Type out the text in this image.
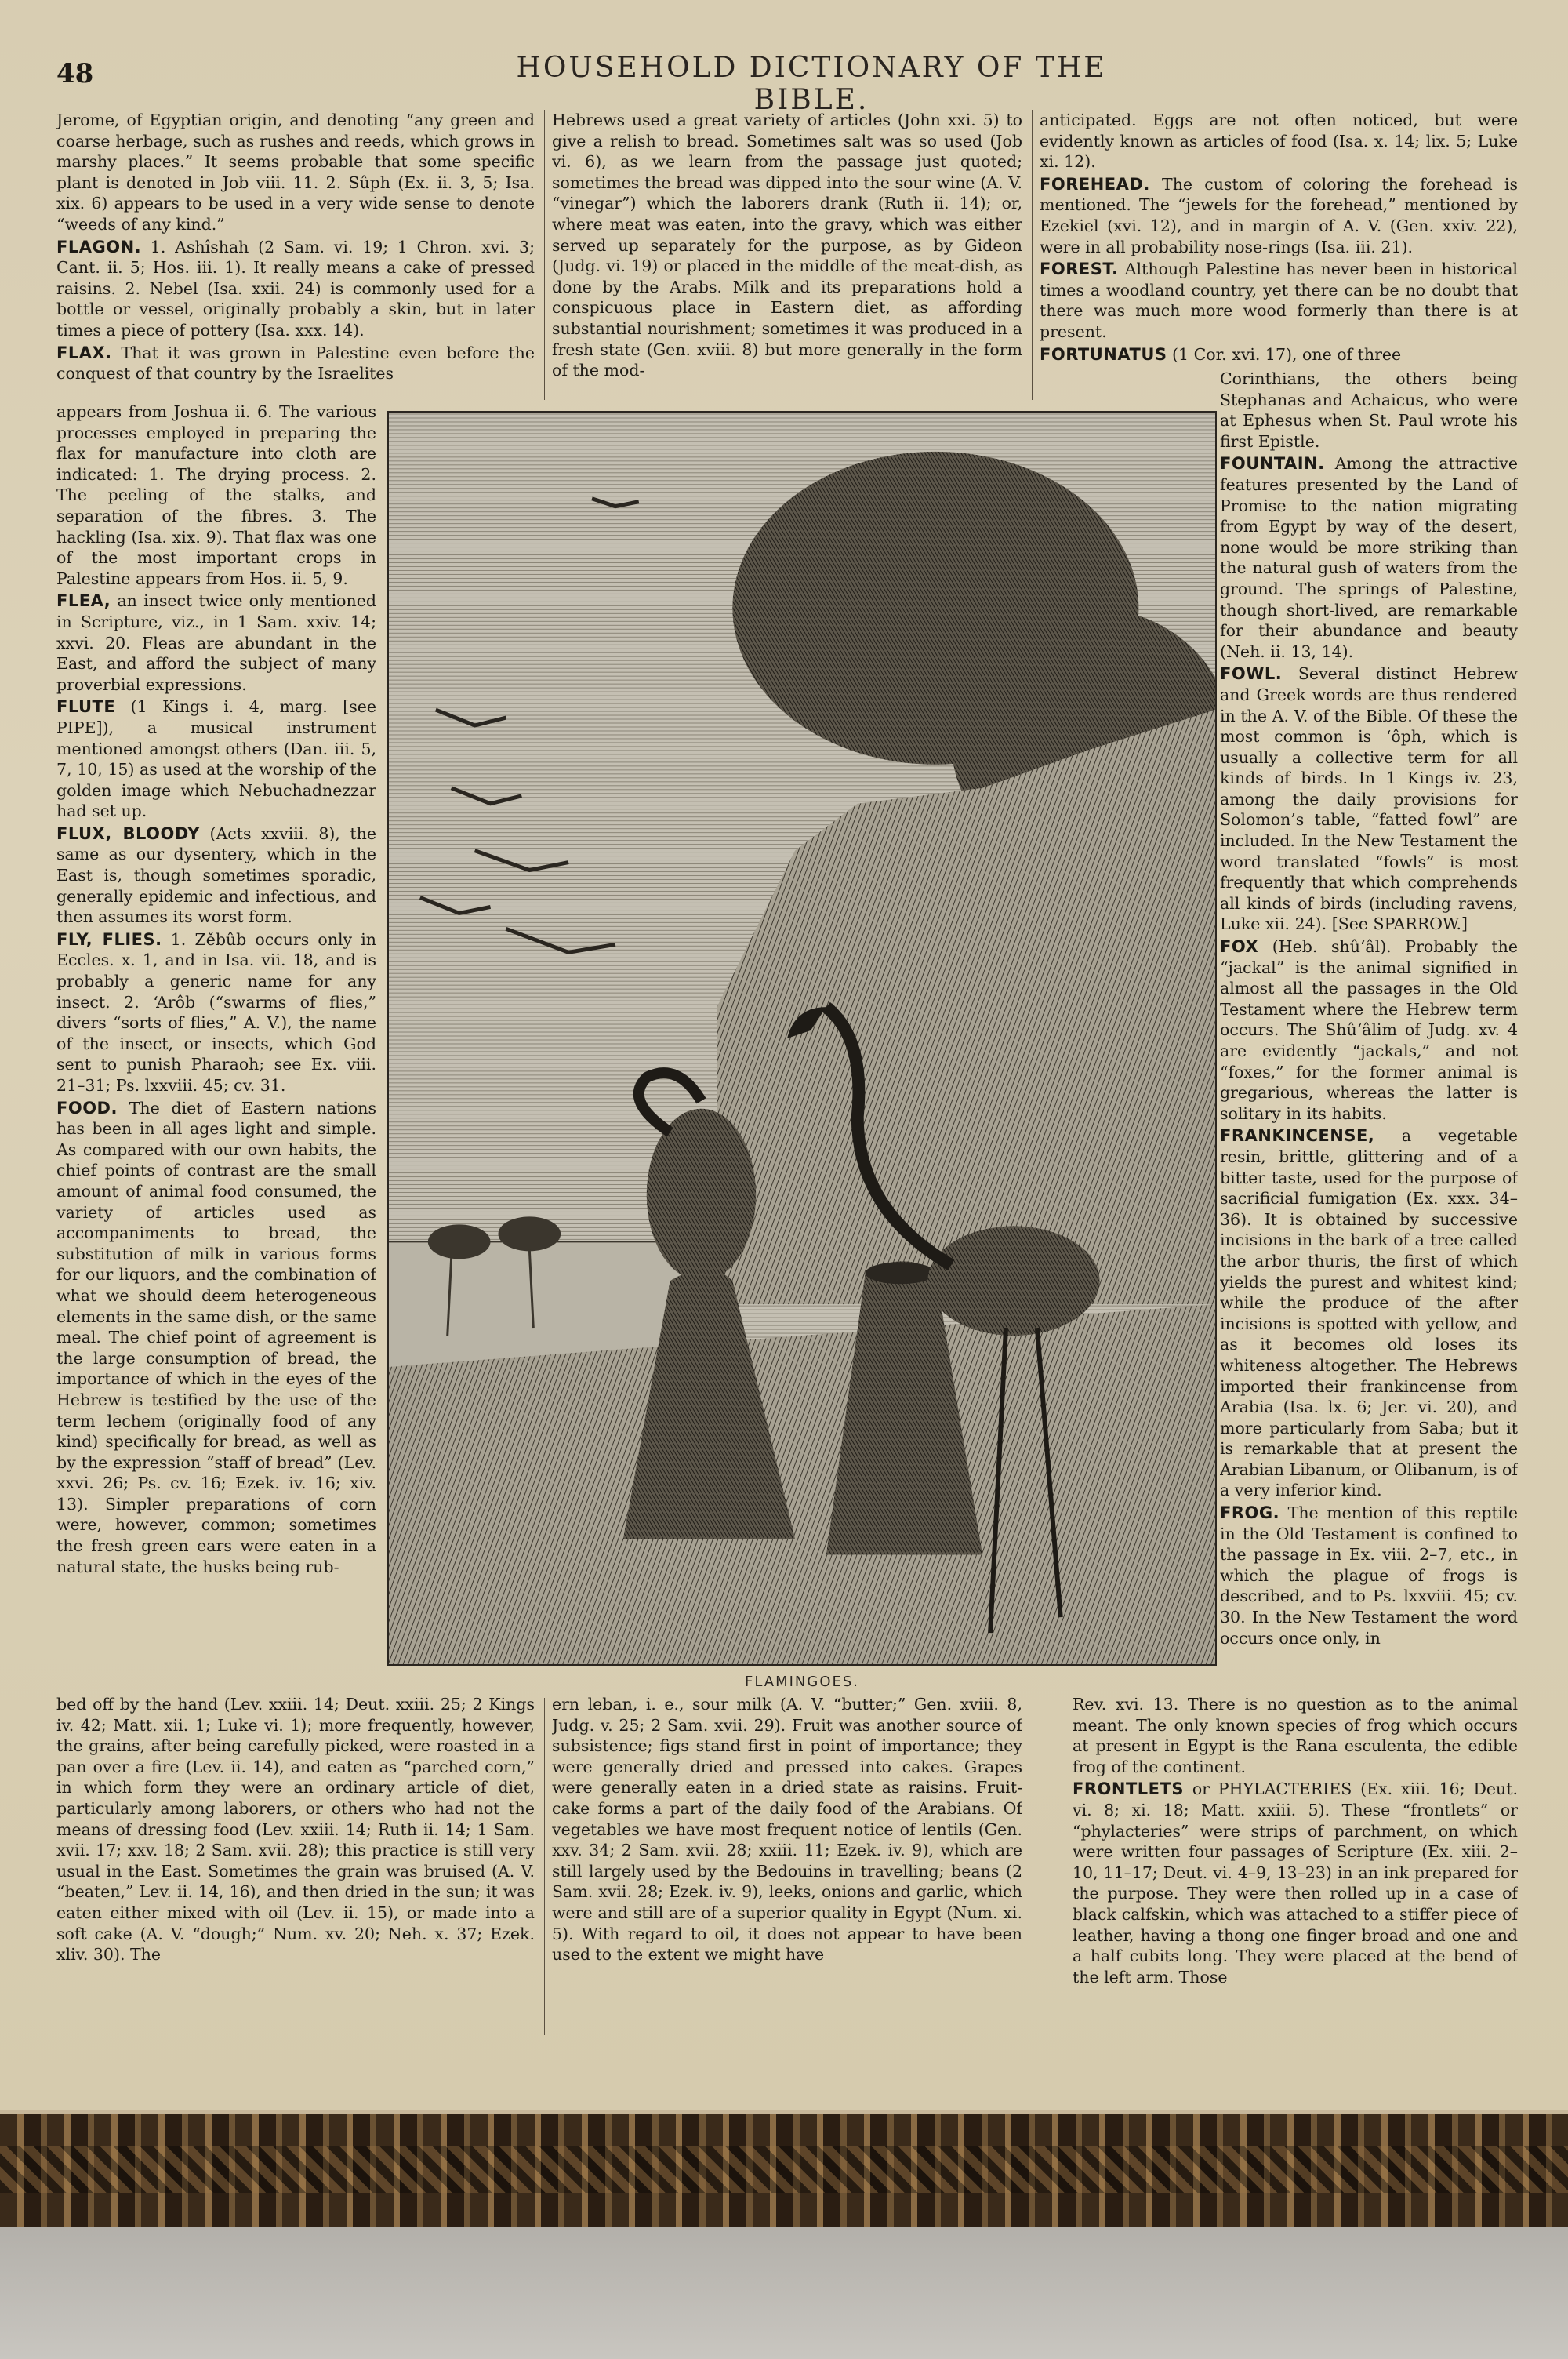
48	HOUSEHOLD DICTIONARY OF THE BIBLE.

Jerome, of Egyptian origin, and denoting “any green and coarse herbage, such as rushes and reeds, which grows in marshy places.” It seems probable that some specific plant is denoted in Job viii. 11. 2. Sûph (Ex. ii. 3, 5; Isa. xix. 6) appears to be used in a very wide sense to denote “weeds of any kind.”

FLAGON. 1. Ashîshah (2 Sam. vi. 19; 1 Chron. xvi. 3; Cant. ii. 5; Hos. iii. 1). It really means a cake of pressed raisins. 2. Nebel (Isa. xxii. 24) is commonly used for a bottle or vessel, originally probably a skin, but in later times a piece of pottery (Isa. xxx. 14).

FLAX. That it was grown in Palestine even before the conquest of that country by the Israelites

appears from Joshua ii. 6. The various processes employed in preparing the flax for manufacture into cloth are indicated: 1. The drying process. 2. The peeling of the stalks, and separation of the fibres. 3. The hackling (Isa. xix. 9). That flax was one of the most important crops in Palestine appears from Hos. ii. 5, 9.

FLEA, an insect twice only mentioned in Scripture, viz., in 1 Sam. xxiv. 14; xxvi. 20. Fleas are abundant in the East, and afford the subject of many proverbial expressions.

FLUTE (1 Kings i. 4, marg. [see PIPE]), a musical instrument mentioned amongst others (Dan. iii. 5, 7, 10, 15) as used at the worship of the golden image which Nebuchadnezzar had set up.

FLUX, BLOODY (Acts xxviii. 8), the same as our dysentery, which in the East is, though sometimes sporadic, generally epidemic and infectious, and then assumes its worst form.

FLY, FLIES. 1. Zěbûb occurs only in Eccles. x. 1, and in Isa. vii. 18, and is probably a generic name for any insect. 2. ʻArôb (“swarms of flies,” divers “sorts of flies,” A. V.), the name of the insect, or insects, which God sent to punish Pharaoh; see Ex. viii. 21–31; Ps. lxxviii. 45; cv. 31.

FOOD. The diet of Eastern nations has been in all ages light and simple. As compared with our own habits, the chief points of contrast are the small amount of animal food consumed, the variety of articles used as accompaniments to bread, the substitution of milk in various forms for our liquors, and the combination of what we should deem heterogeneous elements in the same dish, or the same meal. The chief point of agreement is the large consumption of bread, the importance of which in the eyes of the Hebrew is testified by the use of the term lechem (originally food of any kind) specifically for bread, as well as by the expression “staff of bread” (Lev. xxvi. 26; Ps. cv. 16; Ezek. iv. 16; xiv. 13). Simpler preparations of corn were, however, common; sometimes the fresh green ears were eaten in a natural state, the husks being rub-

bed off by the hand (Lev. xxiii. 14; Deut. xxiii. 25; 2 Kings iv. 42; Matt. xii. 1; Luke vi. 1); more frequently, however, the grains, after being carefully picked, were roasted in a pan over a fire (Lev. ii. 14), and eaten as “parched corn,” in which form they were an ordinary article of diet, particularly among laborers, or others who had not the means of dressing food (Lev. xxiii. 14; Ruth ii. 14; 1 Sam. xvii. 17; xxv. 18; 2 Sam. xvii. 28); this practice is still very usual in the East. Sometimes the grain was bruised (A. V. “beaten,” Lev. ii. 14, 16), and then dried in the sun; it was eaten either mixed with oil (Lev. ii. 15), or made into a soft cake (A. V. “dough;” Num. xv. 20; Neh. x. 37; Ezek. xliv. 30). The

Hebrews used a great variety of articles (John xxi. 5) to give a relish to bread. Sometimes salt was so used (Job vi. 6), as we learn from the passage just quoted; sometimes the bread was dipped into the sour wine (A. V. “vinegar”) which the laborers drank (Ruth ii. 14); or, where meat was eaten, into the gravy, which was either served up separately for the purpose, as by Gideon (Judg. vi. 19) or placed in the middle of the meat-dish, as done by the Arabs. Milk and its preparations hold a conspicuous place in Eastern diet, as affording substantial nourishment; sometimes it was produced in a fresh state (Gen. xviii. 8) but more generally in the form of the mod-

ern leban, i. e., sour milk (A. V. “butter;” Gen. xviii. 8, Judg. v. 25; 2 Sam. xvii. 29). Fruit was another source of subsistence; figs stand first in point of importance; they were generally dried and pressed into cakes. Grapes were generally eaten in a dried state as raisins. Fruit-cake forms a part of the daily food of the Arabians. Of vegetables we have most frequent notice of lentils (Gen. xxv. 34; 2 Sam. xvii. 28; xxiii. 11; Ezek. iv. 9), which are still largely used by the Bedouins in travelling; beans (2 Sam. xvii. 28; Ezek. iv. 9), leeks, onions and garlic, which were and still are of a superior quality in Egypt (Num. xi. 5). With regard to oil, it does not appear to have been used to the extent we might have

anticipated. Eggs are not often noticed, but were evidently known as articles of food (Isa. x. 14; lix. 5; Luke xi. 12).

FOREHEAD. The custom of coloring the forehead is mentioned. The “jewels for the forehead,” mentioned by Ezekiel (xvi. 12), and in margin of A. V. (Gen. xxiv. 22), were in all probability nose-rings (Isa. iii. 21).

FOREST. Although Palestine has never been in historical times a woodland country, yet there can be no doubt that there was much more wood formerly than there is at present.

FORTUNATUS (1 Cor. xvi. 17), one of three

Corinthians, the others being Stephanas and Achaicus, who were at Ephesus when St. Paul wrote his first Epistle.

FOUNTAIN. Among the attractive features presented by the Land of Promise to the nation migrating from Egypt by way of the desert, none would be more striking than the natural gush of waters from the ground. The springs of Palestine, though short-lived, are remarkable for their abundance and beauty (Neh. ii. 13, 14).

FOWL. Several distinct Hebrew and Greek words are thus rendered in the A. V. of the Bible. Of these the most common is ʻôph, which is usually a collective term for all kinds of birds. In 1 Kings iv. 23, among the daily provisions for Solomon’s table, “fatted fowl” are included. In the New Testament the word translated “fowls” is most frequently that which comprehends all kinds of birds (including ravens, Luke xii. 24). [See SPARROW.]

FOX (Heb. shûʻâl). Probably the “jackal” is the animal signified in almost all the passages in the Old Testament where the Hebrew term occurs. The Shûʻâlim of Judg. xv. 4 are evidently “jackals,” and not “foxes,” for the former animal is gregarious, whereas the latter is solitary in its habits.

FRANKINCENSE, a vegetable resin, brittle, glittering and of a bitter taste, used for the purpose of sacrificial fumigation (Ex. xxx. 34–36). It is obtained by successive incisions in the bark of a tree called the arbor thuris, the first of which yields the purest and whitest kind; while the produce of the after incisions is spotted with yellow, and as it becomes old loses its whiteness altogether. The Hebrews imported their frankincense from Arabia (Isa. lx. 6; Jer. vi. 20), and more particularly from Saba; but it is remarkable that at present the Arabian Libanum, or Olibanum, is of a very inferior kind.

FROG. The mention of this reptile in the Old Testament is confined to the passage in Ex. viii. 2–7, etc., in which the plague of frogs is described, and to Ps. lxxviii. 45; cv. 30. In the New Testament the word occurs once only, in

Rev. xvi. 13. There is no question as to the animal meant. The only known species of frog which occurs at present in Egypt is the Rana esculenta, the edible frog of the continent.

FRONTLETS or PHYLACTERIES (Ex. xiii. 16; Deut. vi. 8; xi. 18; Matt. xxiii. 5). These “frontlets” or “phylacteries” were strips of parchment, on which were written four passages of Scripture (Ex. xiii. 2–10, 11–17; Deut. vi. 4–9, 13–23) in an ink prepared for the purpose. They were then rolled up in a case of black calfskin, which was attached to a stiffer piece of leather, having a thong one finger broad and one and a half cubits long. They were placed at the bend of the left arm. Those

FLAMINGOES.
